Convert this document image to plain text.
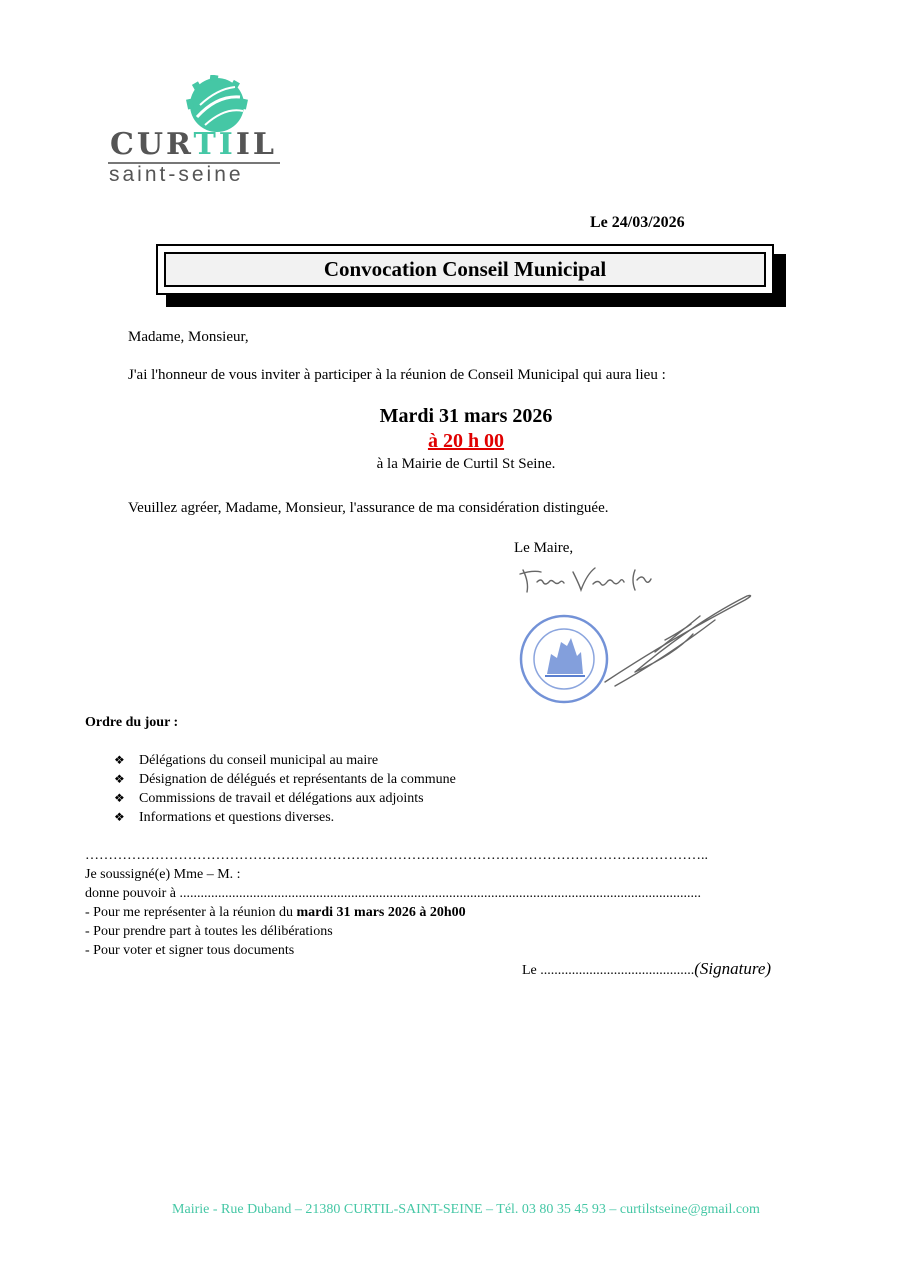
CURTIIL
saint-seine
Le 24/03/2026
Convocation Conseil Municipal
Madame, Monsieur,
J'ai l'honneur de vous inviter à participer à la réunion de Conseil Municipal qui aura lieu :
Mardi 31 mars 2026
à 20 h 00
à la Mairie de Curtil St Seine.
Veuillez agréer, Madame, Monsieur, l'assurance de ma considération distinguée.
Le Maire,
Ordre du jour :
❖	Délégations du conseil municipal au maire
❖	Désignation de délégués et représentants de la commune
❖	Commissions de travail et délégations aux adjoints
❖	Informations et questions diverses.
……………………………………………………………………………………………………………………..
Je soussigné(e) Mme – M. :
donne pouvoir à .....................................................................................................................................................
- Pour me représenter à la réunion du mardi 31 mars 2026 à 20h00
- Pour prendre part à toutes les délibérations
- Pour voter et signer tous documents
Le ............................................(Signature)
Mairie - Rue Duband – 21380 CURTIL-SAINT-SEINE – Tél. 03 80 35 45 93 – curtilstseine@gmail.com
